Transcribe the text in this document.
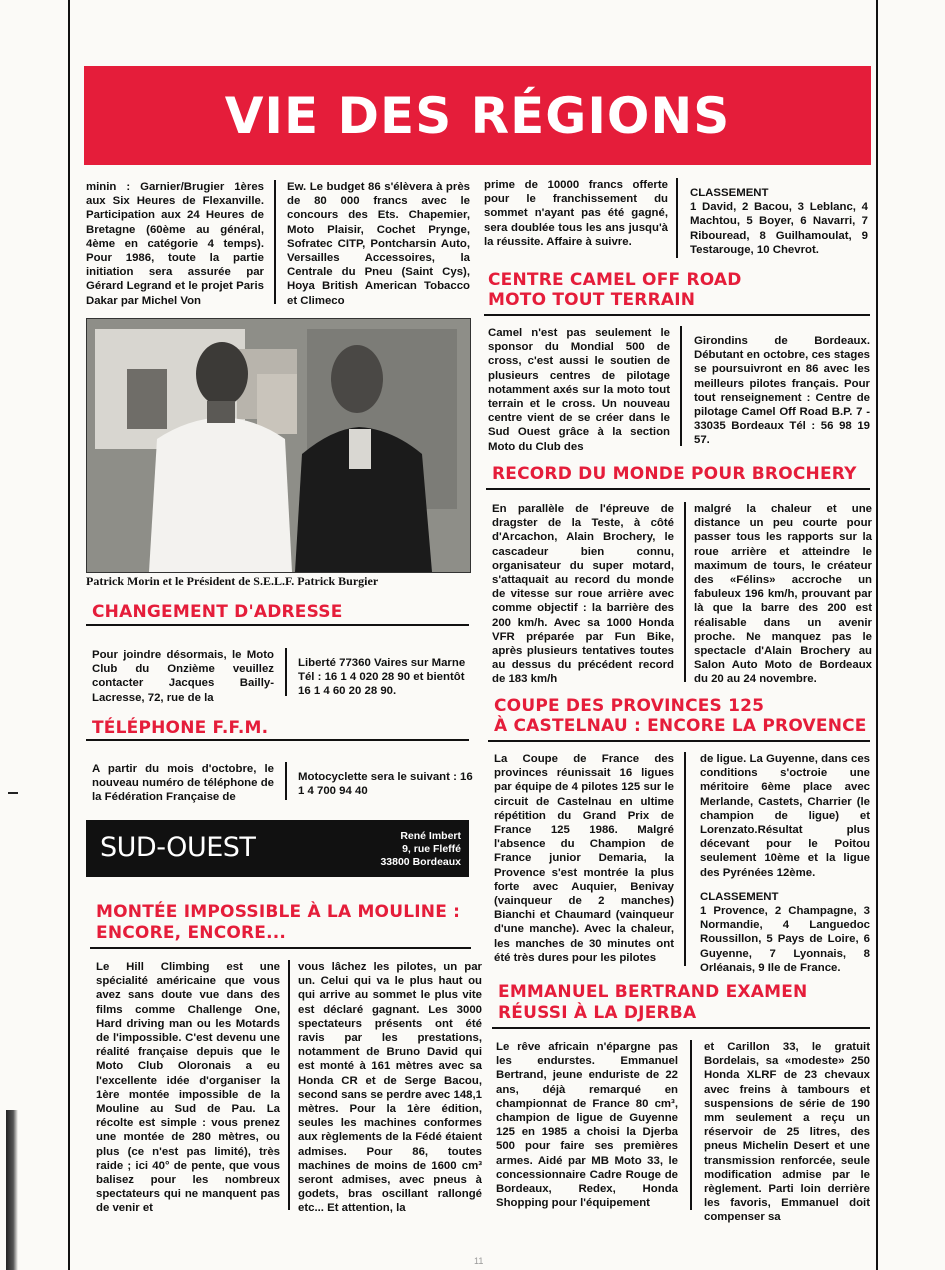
VIE DES RÉGIONS

minin : Garnier/Brugier 1ères aux Six Heures de Flexanville. Participation aux 24 Heures de Bretagne (60ème au général, 4ème en catégorie 4 temps). Pour 1986, toute la partie initiation sera assurée par Gérard Legrand et le projet Paris Dakar par Michel Von

Ew. Le budget 86 s'élèvera à près de 80 000 francs avec le concours des Ets. Chapemier, Moto Plaisir, Cochet Prynge, Sofratec CITP, Pontcharsin Auto, Versailles Accessoires, la Centrale du Pneu (Saint Cys), Hoya British American Tobacco et Climeco

prime de 10000 francs offerte pour le franchissement du sommet n'ayant pas été gagné, sera doublée tous les ans jusqu'à la réussite. Affaire à suivre.

CLASSEMENT

1 David, 2 Bacou, 3 Leblanc, 4 Machtou, 5 Boyer, 6 Navarri, 7 Ribouread, 8 Guilhamoulat, 9 Testarouge, 10 Chevrot.

Patrick Morin et le Président de S.E.L.F. Patrick Burgier

CHANGEMENT D'ADRESSE

Pour joindre désormais, le Moto Club du Onzième veuillez contacter Jacques Bailly-Lacresse, 72, rue de la

Liberté 77360 Vaires sur Marne Tél : 16 1 4 020 28 90 et bientôt 16 1 4 60 20 28 90.

TÉLÉPHONE F.F.M.

A partir du mois d'octobre, le nouveau numéro de téléphone de la Fédération Française de

Motocyclette sera le suivant : 16 1 4 700 94 40

SUD-OUEST	René Imbert
9, rue Fleffé
33800 Bordeaux
MONTÉE IMPOSSIBLE À LA MOULINE :
ENCORE, ENCORE...

Le Hill Climbing est une spécialité américaine que vous avez sans doute vue dans des films comme Challenge One, Hard driving man ou les Motards de l'impossible. C'est devenu une réalité française depuis que le Moto Club Oloronais a eu l'excellente idée d'organiser la 1ère montée impossible de la Mouline au Sud de Pau. La récolte est simple : vous prenez une montée de 280 mètres, ou plus (ce n'est pas limité), très raide ; ici 40° de pente, que vous balisez pour les nombreux spectateurs qui ne manquent pas de venir et

vous lâchez les pilotes, un par un. Celui qui va le plus haut ou qui arrive au sommet le plus vite est déclaré gagnant. Les 3000 spectateurs présents ont été ravis par les prestations, notamment de Bruno David qui est monté à 161 mètres avec sa Honda CR et de Serge Bacou, second sans se perdre avec 148,1 mètres. Pour la 1ère édition, seules les machines conformes aux règlements de la Fédé étaient admises. Pour 86, toutes machines de moins de 1600 cm³ seront admises, avec pneus à godets, bras oscillant rallongé etc... Et attention, la

CENTRE CAMEL OFF ROAD
MOTO TOUT TERRAIN

Camel n'est pas seulement le sponsor du Mondial 500 de cross, c'est aussi le soutien de plusieurs centres de pilotage notamment axés sur la moto tout terrain et le cross. Un nouveau centre vient de se créer dans le Sud Ouest grâce à la section Moto du Club des

Girondins de Bordeaux. Débutant en octobre, ces stages se poursuivront en 86 avec les meilleurs pilotes français. Pour tout renseignement : Centre de pilotage Camel Off Road B.P. 7 - 33035 Bordeaux Tél : 56 98 19 57.

RECORD DU MONDE POUR BROCHERY

En parallèle de l'épreuve de dragster de la Teste, à côté d'Arcachon, Alain Brochery, le cascadeur bien connu, organisateur du super motard, s'attaquait au record du monde de vitesse sur roue arrière avec comme objectif : la barrière des 200 km/h. Avec sa 1000 Honda VFR préparée par Fun Bike, après plusieurs tentatives toutes au dessus du précédent record de 183 km/h

malgré la chaleur et une distance un peu courte pour passer tous les rapports sur la roue arrière et atteindre le maximum de tours, le créateur des «Félins» accroche un fabuleux 196 km/h, prouvant par là que la barre des 200 est réalisable dans un avenir proche. Ne manquez pas le spectacle d'Alain Brochery au Salon Auto Moto de Bordeaux du 20 au 24 novembre.

COUPE DES PROVINCES 125
À CASTELNAU : ENCORE LA PROVENCE

La Coupe de France des provinces réunissait 16 ligues par équipe de 4 pilotes 125 sur le circuit de Castelnau en ultime répétition du Grand Prix de France 125 1986. Malgré l'absence du Champion de France junior Demaria, la Provence s'est montrée la plus forte avec Auquier, Benivay (vainqueur de 2 manches) Bianchi et Chaumard (vainqueur d'une manche). Avec la chaleur, les manches de 30 minutes ont été très dures pour les pilotes

de ligue. La Guyenne, dans ces conditions s'octroie une méritoire 6ème place avec Merlande, Castets, Charrier (le champion de ligue) et Lorenzato.Résultat plus décevant pour le Poitou seulement 10ème et la ligue des Pyrénées 12ème.

CLASSEMENT

1 Provence, 2 Champagne, 3 Normandie, 4 Languedoc Roussillon, 5 Pays de Loire, 6 Guyenne, 7 Lyonnais, 8 Orléanais, 9 Ile de France.

EMMANUEL BERTRAND EXAMEN
RÉUSSI À LA DJERBA

Le rêve africain n'épargne pas les endurstes. Emmanuel Bertrand, jeune enduriste de 22 ans, déjà remarqué en championnat de France 80 cm³, champion de ligue de Guyenne 125 en 1985 a choisi la Djerba 500 pour faire ses premières armes. Aidé par MB Moto 33, le concessionnaire Cadre Rouge de Bordeaux, Redex, Honda Shopping pour l'équipement

et Carillon 33, le gratuit Bordelais, sa «modeste» 250 Honda XLRF de 23 chevaux avec freins à tambours et suspensions de série de 190 mm seulement a reçu un réservoir de 25 litres, des pneus Michelin Desert et une transmission renforcée, seule modification admise par le règlement. Parti loin derrière les favoris, Emmanuel doit compenser sa

11
